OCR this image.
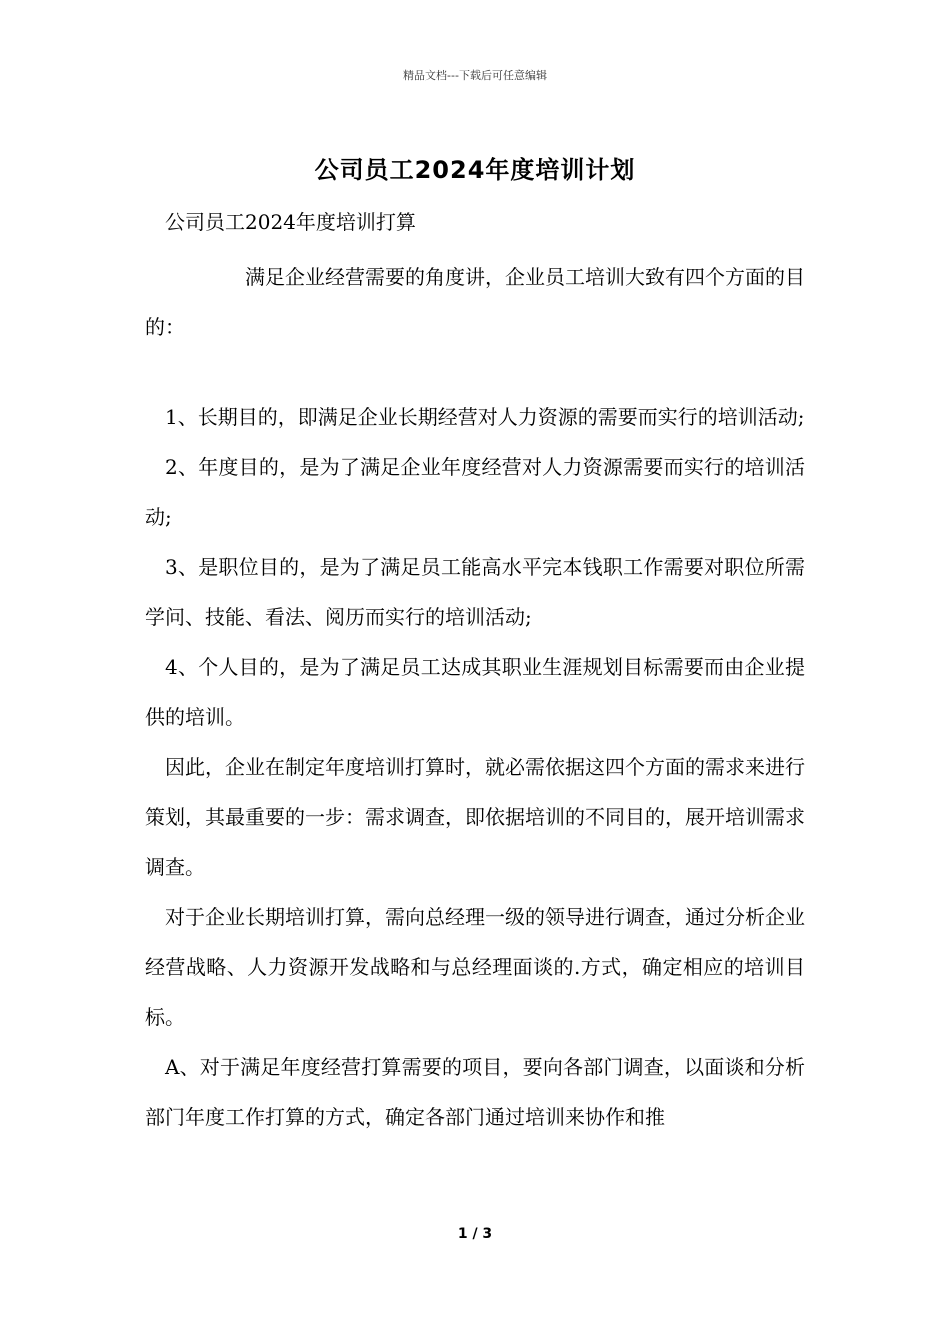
精品文档---下载后可任意编辑
公司员工2024年度培训计划
公司员工2024年度培训打算

满足企业经营需要的角度讲，企业员工培训大致有四个方面的目的：

1、长期目的，即满足企业长期经营对人力资源的需要而实行的培训活动;

2、年度目的，是为了满足企业年度经营对人力资源需要而实行的培训活动;

3、是职位目的，是为了满足员工能高水平完本钱职工作需要对职位所需学问、技能、看法、阅历而实行的培训活动;

4、个人目的，是为了满足员工达成其职业生涯规划目标需要而由企业提供的培训。

因此，企业在制定年度培训打算时，就必需依据这四个方面的需求来进行策划，其最重要的一步：需求调查，即依据培训的不同目的，展开培训需求调查。

对于企业长期培训打算，需向总经理一级的领导进行调查，通过分析企业经营战略、人力资源开发战略和与总经理面谈的.方式，确定相应的培训目标。

A、对于满足年度经营打算需要的项目，要向各部门调查，以面谈和分析部门年度工作打算的方式，确定各部门通过培训来协作和推

1 / 3
